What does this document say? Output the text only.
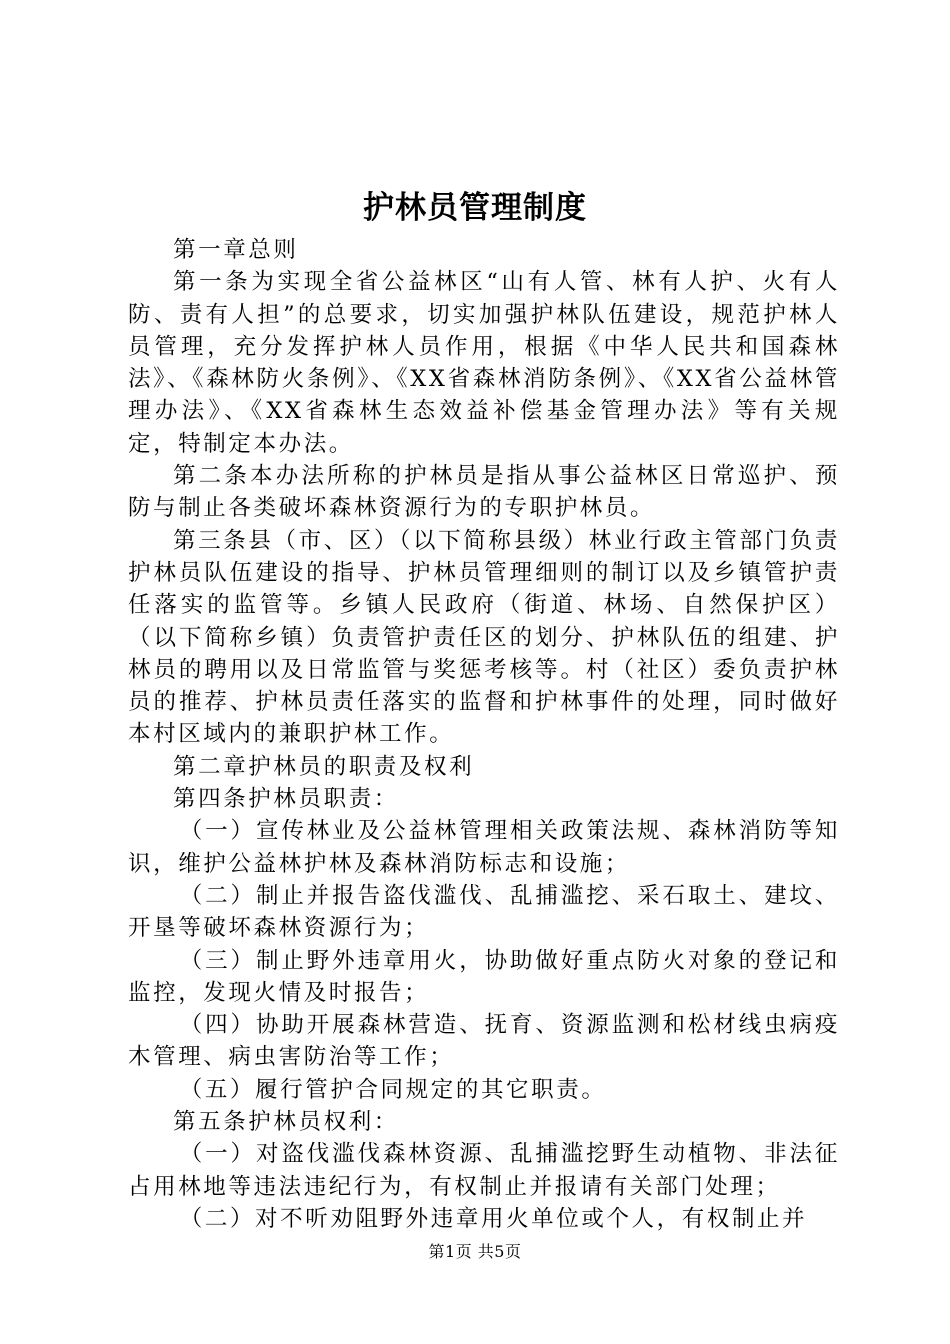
护林员管理制度

第一章总则

第一条为实现全省公益林区“山有人管、林有人护、火有人防、责有人担”的总要求，切实加强护林队伍建设，规范护林人员管理，充分发挥护林人员作用，根据《中华人民共和国森林法》、《森林防火条例》、《XX省森林消防条例》、《XX省公益林管理办法》、《XX省森林生态效益补偿基金管理办法》等有关规定，特制定本办法。

第二条本办法所称的护林员是指从事公益林区日常巡护、预防与制止各类破坏森林资源行为的专职护林员。

第三条县（市、区）（以下简称县级）林业行政主管部门负责护林员队伍建设的指导、护林员管理细则的制订以及乡镇管护责任落实的监管等。乡镇人民政府（街道、林场、自然保护区）（以下简称乡镇）负责管护责任区的划分、护林队伍的组建、护林员的聘用以及日常监管与奖惩考核等。村（社区）委负责护林员的推荐、护林员责任落实的监督和护林事件的处理，同时做好本村区域内的兼职护林工作。

第二章护林员的职责及权利

第四条护林员职责：

（一）宣传林业及公益林管理相关政策法规、森林消防等知识，维护公益林护林及森林消防标志和设施；

（二）制止并报告盗伐滥伐、乱捕滥挖、采石取土、建坟、开垦等破坏森林资源行为；

（三）制止野外违章用火，协助做好重点防火对象的登记和监控，发现火情及时报告；

（四）协助开展森林营造、抚育、资源监测和松材线虫病疫木管理、病虫害防治等工作；

（五）履行管护合同规定的其它职责。

第五条护林员权利：

（一）对盗伐滥伐森林资源、乱捕滥挖野生动植物、非法征占用林地等违法违纪行为，有权制止并报请有关部门处理；

（二）对不听劝阻野外违章用火单位或个人，有权制止并

第1页 共5页
